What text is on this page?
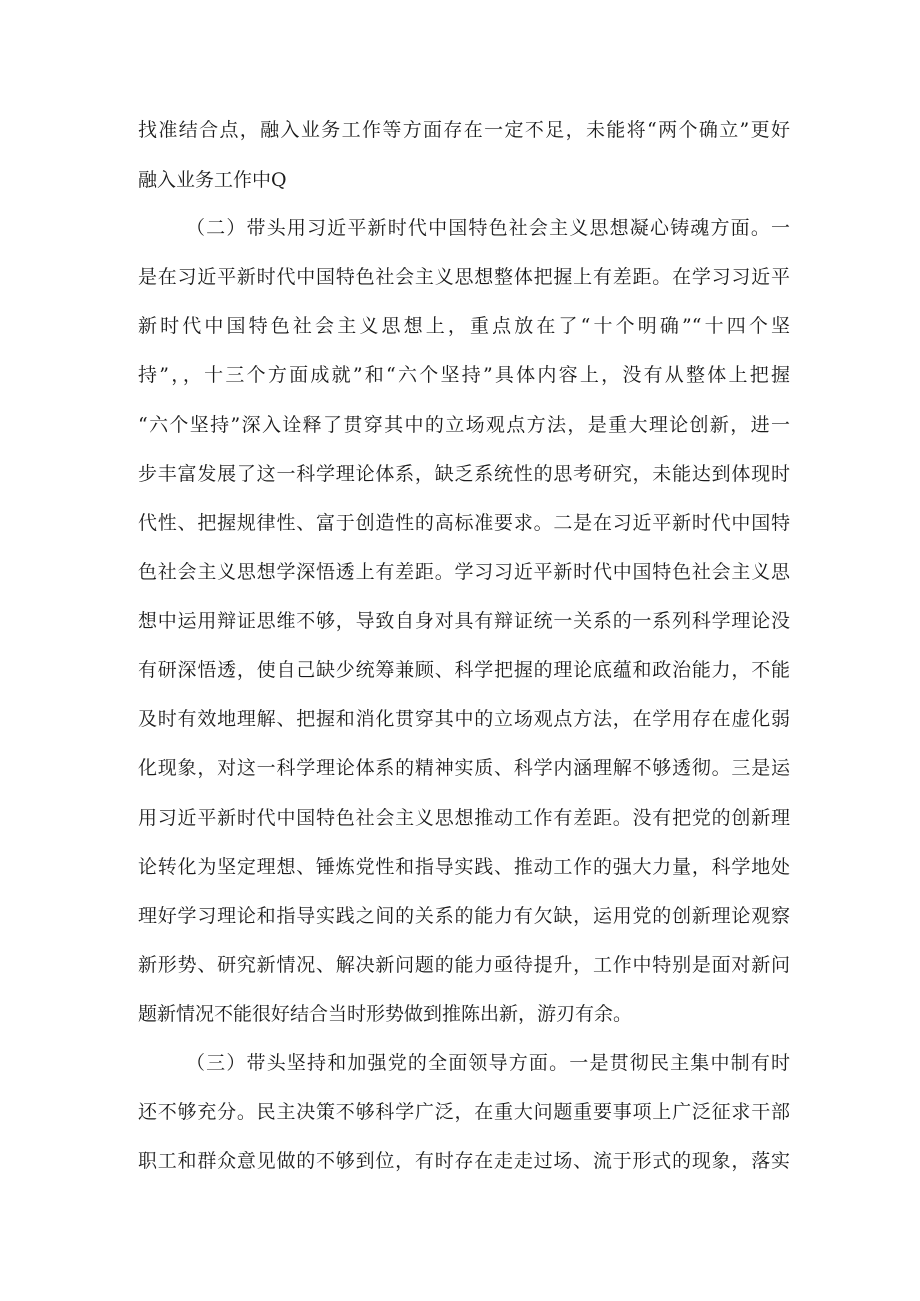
找准结合点，融入业务工作等方面存在一定不足，未能将“两个确立”更好
融入业务工作中Q
（二）带头用习近平新时代中国特色社会主义思想凝心铸魂方面。一
是在习近平新时代中国特色社会主义思想整体把握上有差距。在学习习近平
新时代中国特色社会主义思想上，重点放在了“十个明确”“十四个坚
持”，，十三个方面成就”和“六个坚持”具体内容上，没有从整体上把握
“六个坚持”深入诠释了贯穿其中的立场观点方法，是重大理论创新，进一
步丰富发展了这一科学理论体系，缺乏系统性的思考研究，未能达到体现时
代性、把握规律性、富于创造性的高标准要求。二是在习近平新时代中国特
色社会主义思想学深悟透上有差距。学习习近平新时代中国特色社会主义思
想中运用辩证思维不够，导致自身对具有辩证统一关系的一系列科学理论没
有研深悟透，使自己缺少统筹兼顾、科学把握的理论底蕴和政治能力，不能
及时有效地理解、把握和消化贯穿其中的立场观点方法，在学用存在虚化弱
化现象，对这一科学理论体系的精神实质、科学内涵理解不够透彻。三是运
用习近平新时代中国特色社会主义思想推动工作有差距。没有把党的创新理
论转化为坚定理想、锤炼党性和指导实践、推动工作的强大力量，科学地处
理好学习理论和指导实践之间的关系的能力有欠缺，运用党的创新理论观察
新形势、研究新情况、解决新问题的能力亟待提升，工作中特别是面对新问
题新情况不能很好结合当时形势做到推陈出新，游刃有余。
（三）带头坚持和加强党的全面领导方面。一是贯彻民主集中制有时
还不够充分。民主决策不够科学广泛，在重大问题重要事项上广泛征求干部
职工和群众意见做的不够到位，有时存在走走过场、流于形式的现象，落实
